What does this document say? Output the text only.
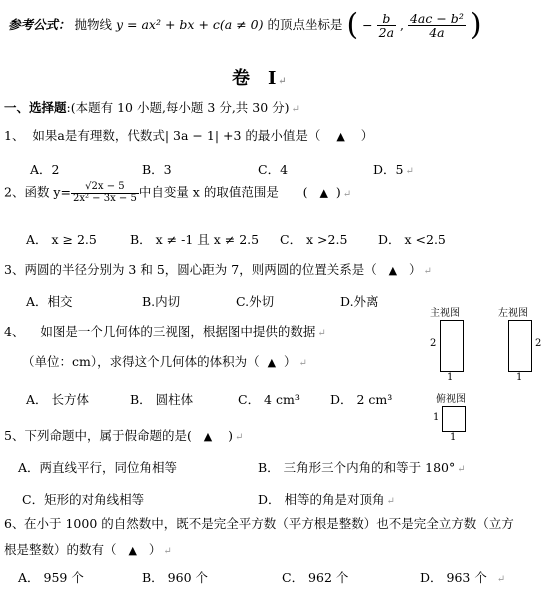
参考公式： 抛物线 y = ax² + bx + c(a ≠ 0) 的顶点坐标是 ( − $\frac{b}{2a}$ , $\frac{\text{4ac − b²}}{4a}$ )
卷　Ⅰ ↵
一、选择题:(本题有 10 小题,每小题 3 分,共 30 分) ↵
1、 如果a是有理数，代数式| 3a − 1| +3 的最小值是（ ▲ ）
A．2	B．3	C．4	D．5 ↵
2、函数 $y= \frac{√2x - 5}{\text{2x² − 3x − 5}}$ 中自变量 x 的取值范围是      (   ▲ ) ↵
A． x ≥ 2.5	B． x ≠ -1 且 x ≠ 2.5 C． x >2.5 D． x <2.5
3、两圆的半径分别为 3 和 5，圆心距为 7，则两圆的位置关系是（ ▲ ） ↵
A．相交	B.内切	C.外切	D.外离
4、 如图是一个几何体的三视图，根据图中提供的数据 ↵
（单位：cm），求得这个几何体的体积为（ ▲ ） ↵
A． 长方体	B． 圆柱体	C． 4 cm³ D． 2 cm³
主视图
2
1
左视图
2
1
俯视图
1
1
5、下列命题中，属于假命题的是( ▲ ) ↵
A．两直线平行，同位角相等	B． 三角形三个内角的和等于 180° ↵
C．矩形的对角线相等	D． 相等的角是对顶角 ↵
在小于 1000 的自然数中，既不是完全平方数（平方根是整数）也不是完全立方数（立方
6、
根是整数）的数有（ ▲ ） ↵
A． 959 个	B． 960 个	C． 962 个	D． 963 个 ↵
